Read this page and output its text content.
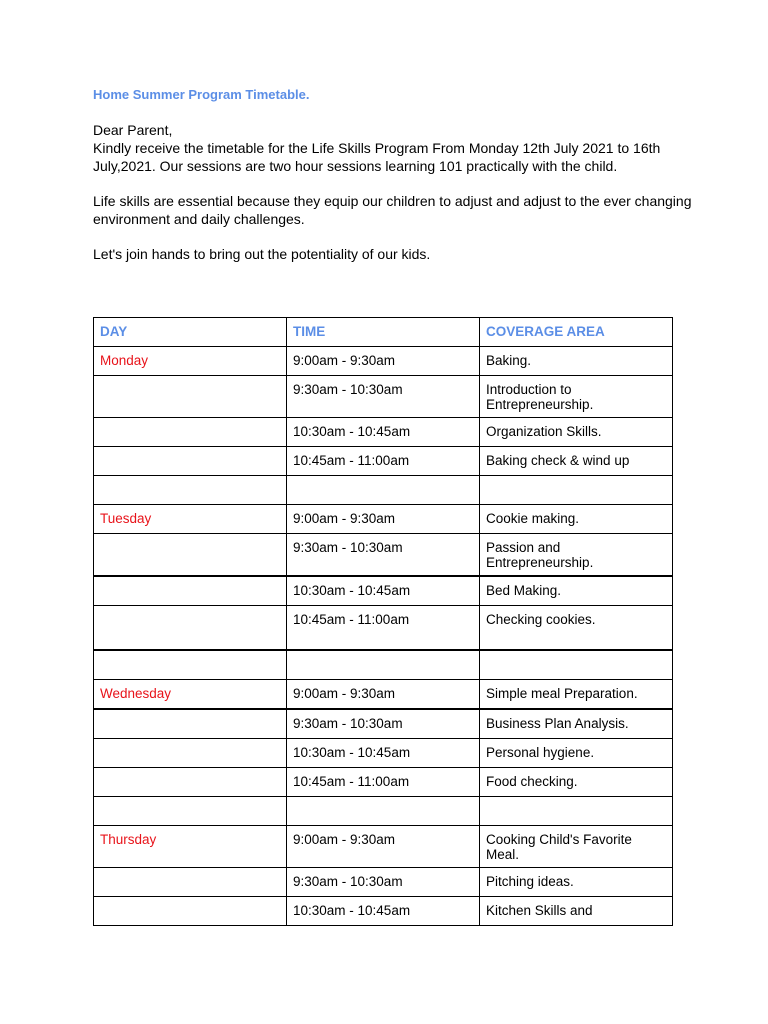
Home Summer Program Timetable.

Dear Parent,

Kindly receive the timetable for the Life Skills Program From Monday 12th July 2021 to 16th July,2021. Our sessions are two hour sessions learning 101 practically with the child.

Life skills are essential because they equip our children to adjust and adjust to the ever changing environment and daily challenges.

Let's join hands to bring out the potentiality of our kids.

DAY	TIME	COVERAGE AREA
Monday	9:00am - 9:30am	Baking.
	9:30am - 10:30am	Introduction to Entrepreneurship.
	10:30am - 10:45am	Organization Skills.
	10:45am - 11:00am	Baking check & wind up

Tuesday	9:00am - 9:30am	Cookie making.
	9:30am - 10:30am	Passion and Entrepreneurship.
	10:30am - 10:45am	Bed Making.
	10:45am - 11:00am	Checking cookies.

Wednesday	9:00am - 9:30am	Simple meal Preparation.
	9:30am - 10:30am	Business Plan Analysis.
	10:30am - 10:45am	Personal hygiene.
	10:45am - 11:00am	Food checking.

Thursday	9:00am - 9:30am	Cooking Child's Favorite Meal.
	9:30am - 10:30am	Pitching ideas.
	10:30am - 10:45am	Kitchen Skills and
